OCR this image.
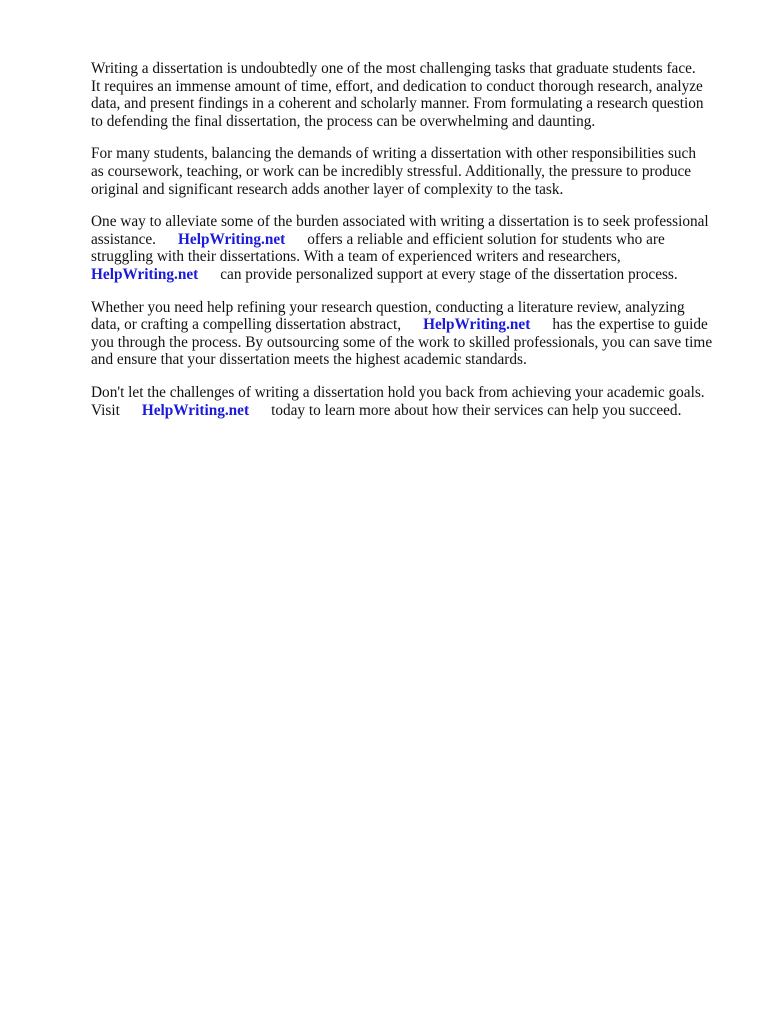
Writing a dissertation is undoubtedly one of the most challenging tasks that graduate students face.
It requires an immense amount of time, effort, and dedication to conduct thorough research, analyze
data, and present findings in a coherent and scholarly manner. From formulating a research question
to defending the final dissertation, the process can be overwhelming and daunting.

For many students, balancing the demands of writing a dissertation with other responsibilities such
as coursework, teaching, or work can be incredibly stressful. Additionally, the pressure to produce
original and significant research adds another layer of complexity to the task.

One way to alleviate some of the burden associated with writing a dissertation is to seek professional
assistance. HelpWriting.net offers a reliable and efficient solution for students who are
struggling with their dissertations. With a team of experienced writers and researchers,
HelpWriting.net can provide personalized support at every stage of the dissertation process.

Whether you need help refining your research question, conducting a literature review, analyzing
data, or crafting a compelling dissertation abstract, HelpWriting.net has the expertise to guide
you through the process. By outsourcing some of the work to skilled professionals, you can save time
and ensure that your dissertation meets the highest academic standards.

Don't let the challenges of writing a dissertation hold you back from achieving your academic goals.
Visit HelpWriting.net today to learn more about how their services can help you succeed.
